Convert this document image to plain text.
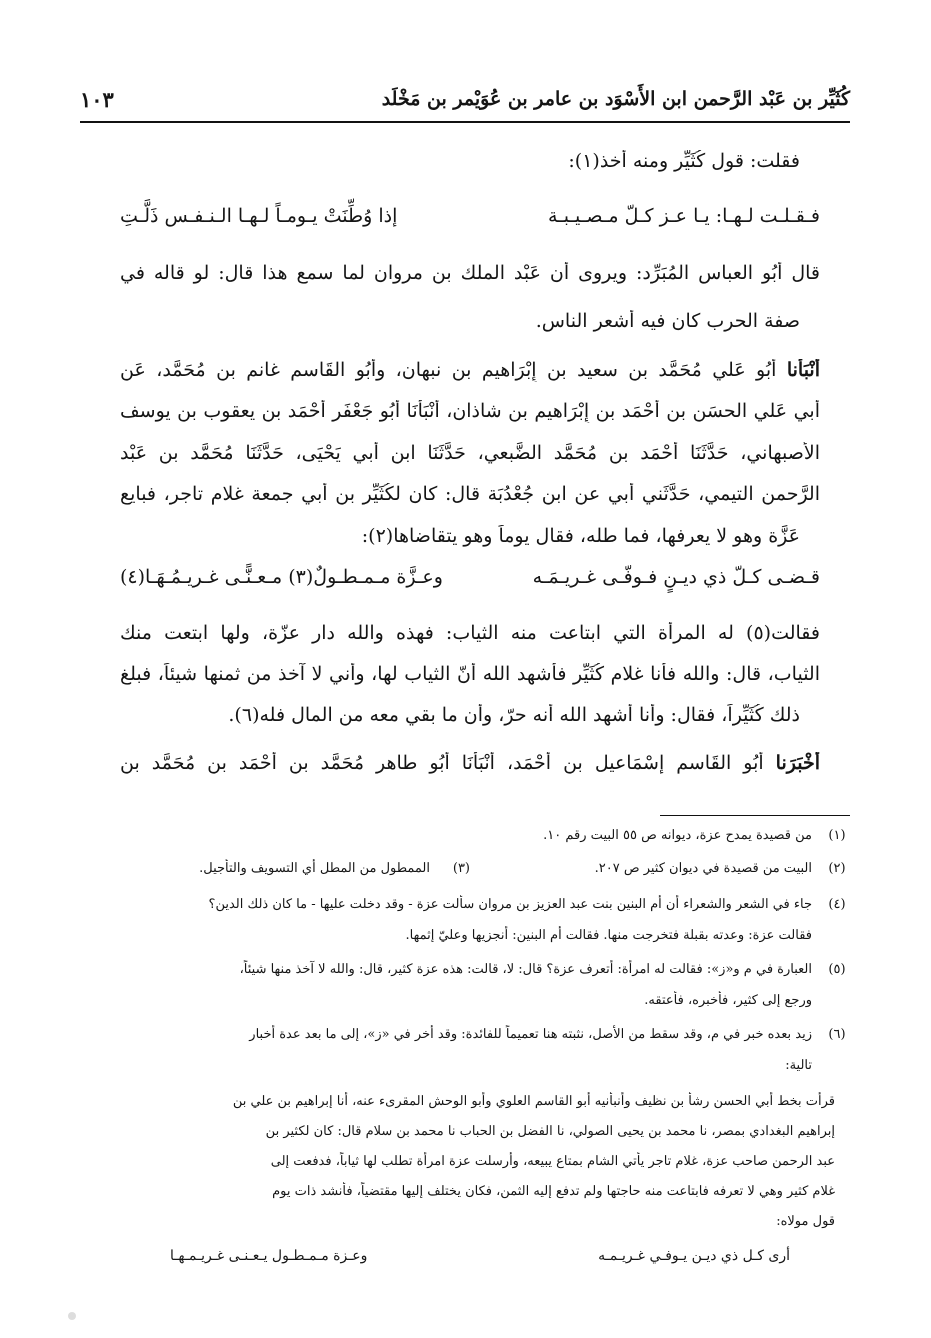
كُثَيِّر بن عَبْد الرَّحمن ابن الأَسْوَد بن عامر بن عُوَيْمر بن مَخْلَد
١٠٣
فقلت: قول كُثَيِّر ومنه أخذ(١):
فـقـلـت لـهـا: يـا عـز كـلّ مـصـيـبـة
إذا وُطِّنَتْ يـومـاً لـهـا الـنـفـس ذَلَّـتِ
قال أَبُو العباس المُبَرِّد: ويروى أن عَبْد الملك بن مروان لما سمع هذا قال: لو قاله في
صفة الحرب كان فيه أشعر الناس.
أَنْبَأنا أَبُو عَلي مُحَمَّد بن سعيد بن إِبْرَاهيم بن نبهان، وأَبُو القَاسم غانم بن مُحَمَّد، عَن
أَبي عَلي الحسَن بن أَحْمَد بن إِبْرَاهيم بن شاذان، أَنْبَأنَا أَبُو جَعْفَر أَحْمَد بن يعقوب بن يوسف
الأصبهاني، حَدَّثَنَا أَحْمَد بن مُحَمَّد الضَّبعي، حَدَّثَنَا ابن أَبي يَحْيَى، حَدَّثَنَا مُحَمَّد بن عَبْد
الرَّحمن التيمي، حَدَّثَني أَبي عن ابن جُعْدُبَة قال: كان لكُثَيِّر بن أَبي جمعة غلام تاجر، فبايع
عَزَّة وهو لا يعرفها، فما طله، فقال يوماً وهو يتقاضاها(٢):
قـضـى كـلّ ذي ديـنٍ فـوفّـى غـريـمَـه
وعـزَّة مـمـطـولٌ(٣) مـعـنًّـى غـريـمُـهَـا(٤)
فقالت(٥) له المرأة التي ابتاعت منه الثياب: فهذه والله دار عزّة، ولها ابتعت منك
الثياب، قال: والله فأنا غلام كُثَيِّر فأشهد الله أنّ الثياب لها، وأني لا آخذ من ثمنها شيئاً، فبلغ
ذلك كُثَيِّراً، فقال: وأنا أُشهد الله أنه حرّ، وأن ما بقي معه من المال فله(٦).
أَخْبَرَنا أَبُو القَاسم إسْمَاعيل بن أَحْمَد، أَنْبَأنَا أَبُو طاهر مُحَمَّد بن أَحْمَد بن مُحَمَّد بن
(١)
من قصيدة يمدح عزة، ديوانه ص ٥٥ البيت رقم ١٠.
(٢)
البيت من قصيدة في ديوان كثير ص ٢٠٧.
(٣)
الممطول من المطل أي التسويف والتأجيل.
(٤)
جاء في الشعر والشعراء أن أم البنين بنت عبد العزيز بن مروان سألت عزة - وقد دخلت عليها - ما كان ذلك الدين؟
فقالت عزة: وعدته بقبلة فتخرجت منها. فقالت أم البنين: أنجزيها وعليّ إثمها.
(٥)
العبارة في م و«ز»: فقالت له امرأة: أتعرف عزة؟ قال: لا، قالت: هذه عزة كثير، قال: والله لا آخذ منها شيئاً،
ورجع إلى كثير، فأخبره، فأعتقه.
(٦)
زيد بعده خبر في م، وقد سقط من الأصل، نثبته هنا تعميماً للفائدة: وقد أخر في «ز»، إلى ما بعد عدة أخبار
تالية:
قرأت بخط أبي الحسن رشأ بن نظيف وأنبأنيه أبو القاسم العلوي وأبو الوحش المقرىء عنه، أنا إبراهيم بن علي بن
إبراهيم البغدادي بمصر، نا محمد بن يحيى الصولي، نا الفضل بن الحباب نا محمد بن سلام قال: كان لكثير بن
عبد الرحمن صاحب عزة، غلام تاجر يأتي الشام بمتاع يبيعه، وأرسلت عزة امرأة تطلب لها ثياباً، فدفعت إلى
غلام كثير وهي لا تعرفه فابتاعت منه حاجتها ولم تدفع إليه الثمن، فكان يختلف إليها مقتضياً، فأنشد ذات يوم
قول مولاه:
أرى كـل ذي ديـن يـوفـي غـريـمـه
وعـزة مـمـطـول يـعـنـى غـريـمـهـا
